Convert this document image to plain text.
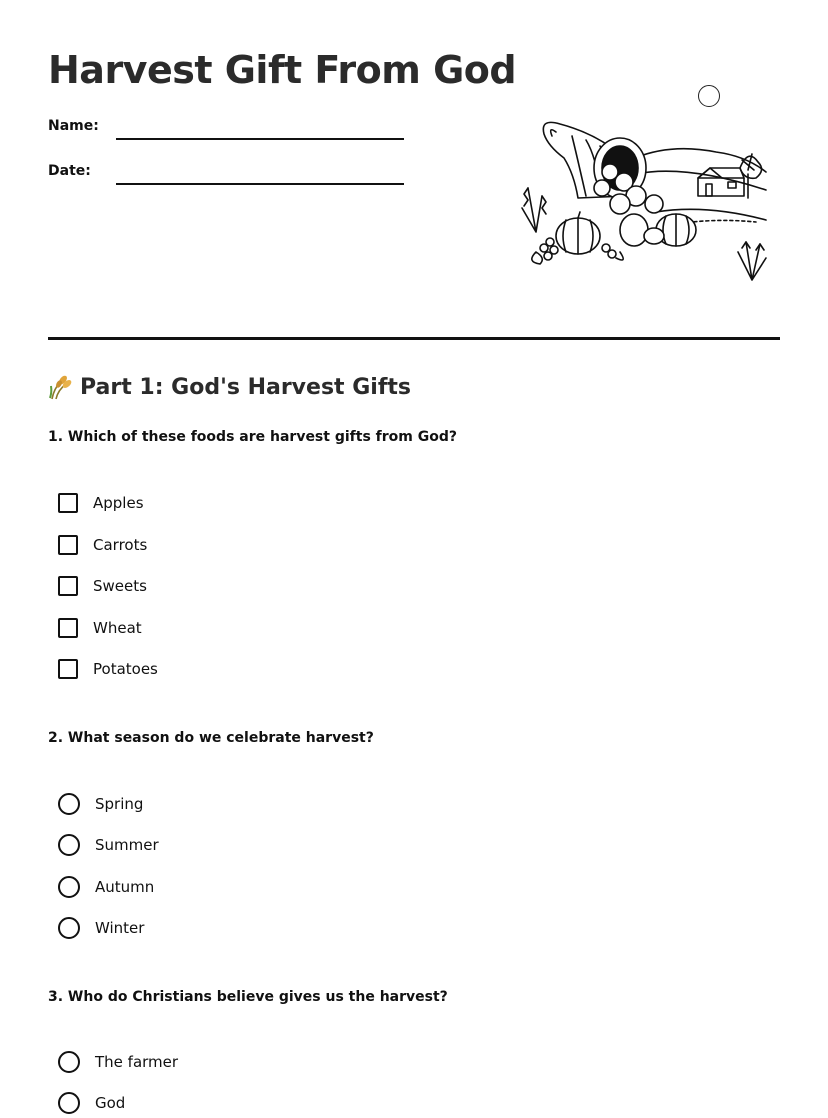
Harvest Gift From God
Name:
Date:
Part 1: God's Harvest Gifts

1. Which of these foods are harvest gifts from God?

Apples
Carrots
Sweets
Wheat
Potatoes

2. What season do we celebrate harvest?

Spring
Summer
Autumn
Winter

3. Who do Christians believe gives us the harvest?

The farmer
God
